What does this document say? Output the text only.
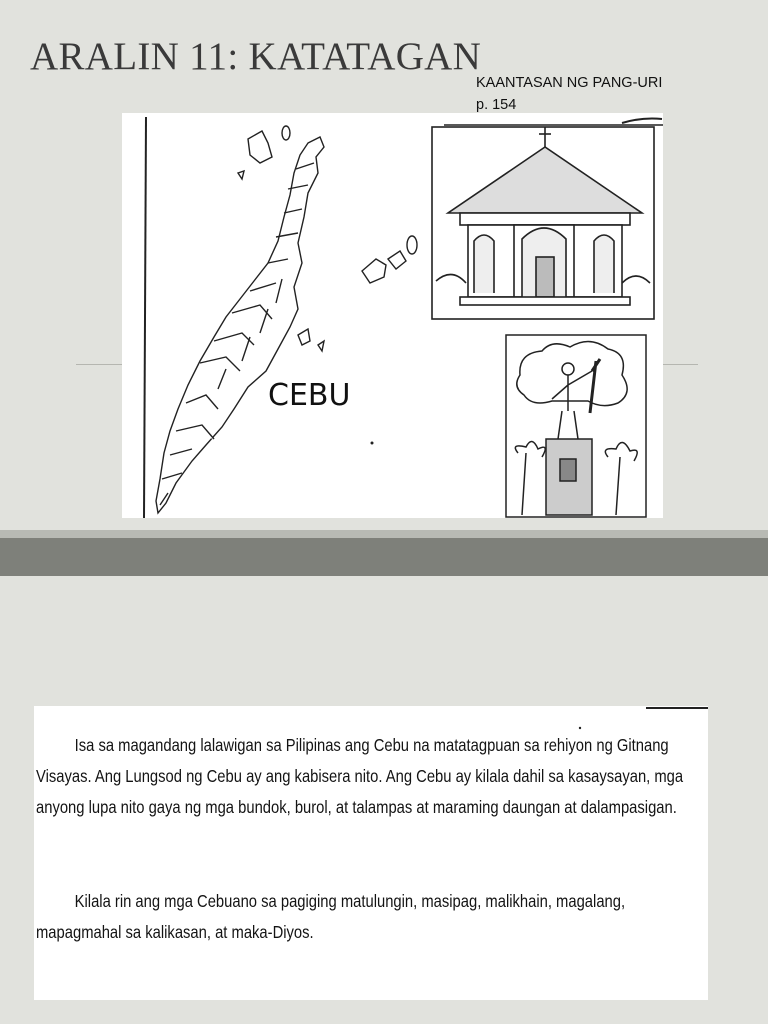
ARALIN 11: KATATAGAN
KAANTASAN NG PANG-URI
p. 154
CEBU

Isa sa magandang lalawigan sa Pilipinas ang Cebu na matatagpuan sa rehiyon ng Gitnang Visayas. Ang Lungsod ng Cebu ay ang kabisera nito. Ang Cebu ay kilala dahil sa kasaysayan, mga anyong lupa nito gaya ng mga bundok, burol, at talampas at maraming daungan at dalampasigan.

Kilala rin ang mga Cebuano sa pagiging matulungin, masipag, malikhain, magalang, mapagmahal sa kalikasan, at maka-Diyos.
